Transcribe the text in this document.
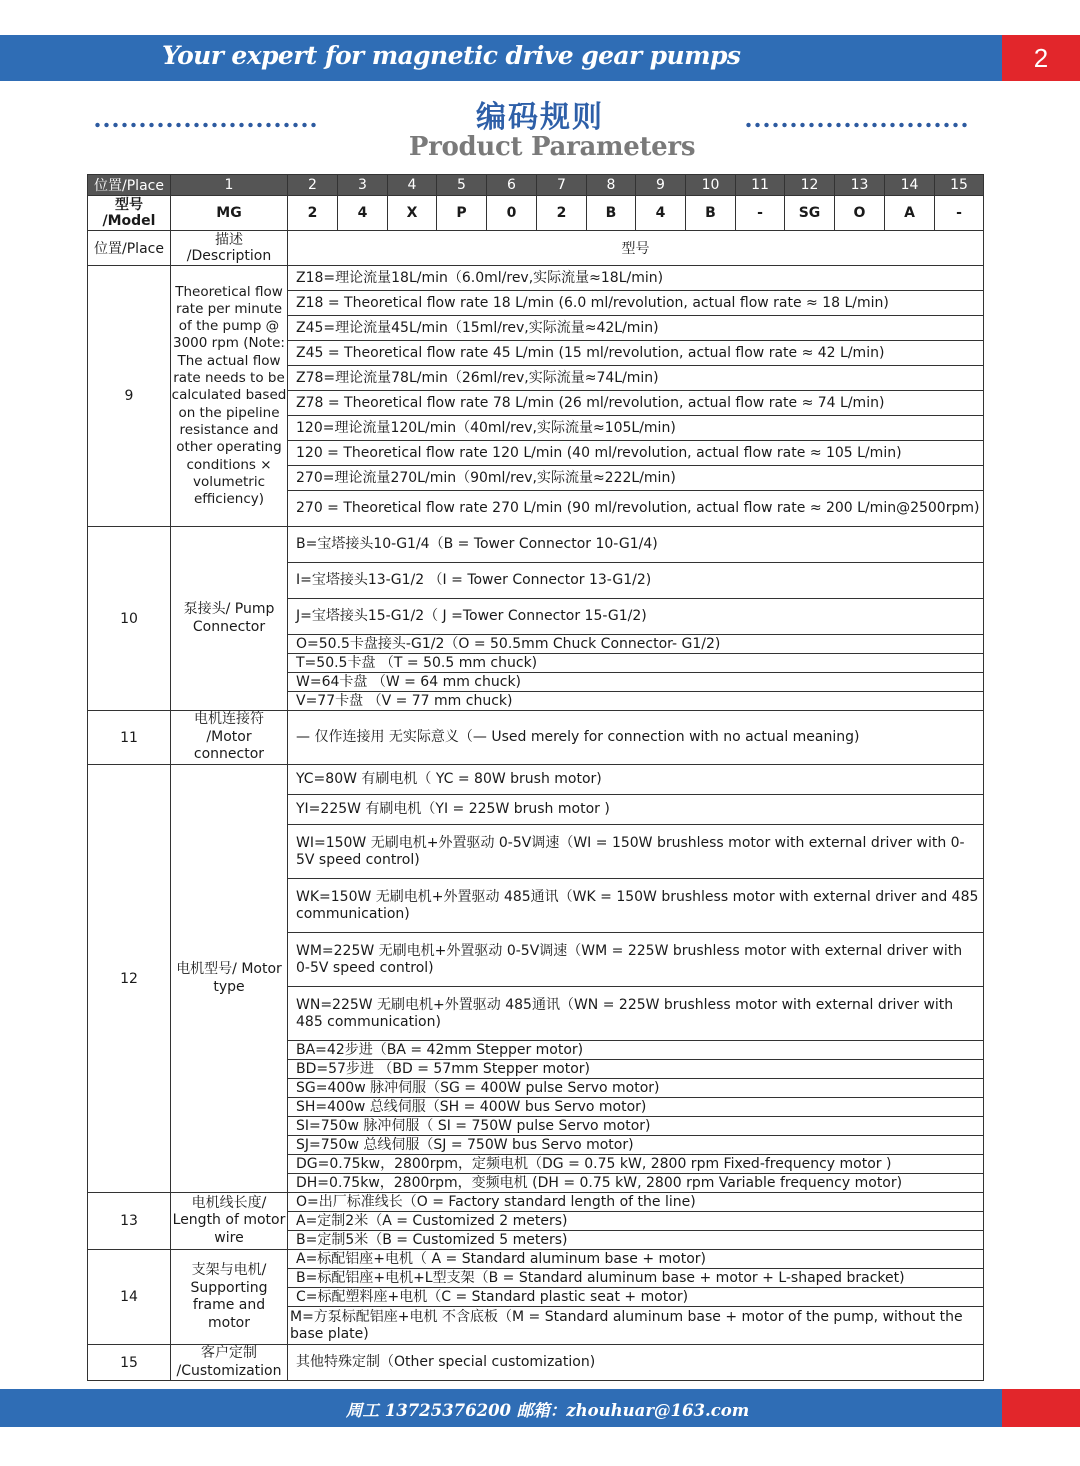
Your expert for magnetic drive gear pumps	2
编码规则
Product Parameters
位置/Place	1	2	3	4	5	6	7	8	9	10	11	12	13	14	15
型号
/Model	MG	2	4	X	P	0	2	B	4	B	-	SG	O	A	-
位置/Place	描述
/Description	型号													
9	Theoretical flow rate per minute of the pump @ 3000 rpm (Note: The actual flow rate needs to be calculated based on the pipeline resistance and other operating conditions × volumetric efficiency)	Z18=理论流量18L/min（6.0ml/rev,实际流量≈18L/min)													
		Z18 = Theoretical flow rate 18 L/min (6.0 ml/revolution, actual flow rate ≈ 18 L/min)													
		Z45=理论流量45L/min（15ml/rev,实际流量≈42L/min)													
		Z45 = Theoretical flow rate 45 L/min (15 ml/revolution, actual flow rate ≈ 42 L/min)													
		Z78=理论流量78L/min（26ml/rev,实际流量≈74L/min)													
		Z78 = Theoretical flow rate 78 L/min (26 ml/revolution, actual flow rate ≈ 74 L/min)													
		120=理论流量120L/min（40ml/rev,实际流量≈105L/min)													
		120 = Theoretical flow rate 120 L/min (40 ml/revolution, actual flow rate ≈ 105 L/min)													
		270=理论流量270L/min（90ml/rev,实际流量≈222L/min)													
		270 = Theoretical flow rate 270 L/min (90 ml/revolution, actual flow rate ≈ 200 L/min@2500rpm)													
10	泵接头/ Pump Connector	B=宝塔接头10-G1/4（B = Tower Connector 10-G1/4)													
		I=宝塔接头13-G1/2 （I = Tower Connector 13-G1/2)													
		J=宝塔接头15-G1/2（ J =Tower Connector 15-G1/2)													
		O=50.5卡盘接头-G1/2（O = 50.5mm Chuck Connector- G1/2)													
		T=50.5卡盘 （T = 50.5 mm chuck)													
		W=64卡盘 （W = 64 mm chuck)													
		V=77卡盘 （V = 77 mm chuck)													
11	电机连接符 /Motor connector	— 仅作连接用 无实际意义（— Used merely for connection with no actual meaning)													
12	电机型号/ Motor type	YC=80W 有刷电机（ YC = 80W brush motor)													
		YI=225W 有刷电机（YI = 225W brush motor )													
		WI=150W 无刷电机+外置驱动 0-5V调速（WI = 150W brushless motor with external driver with 0-5V speed control)													
		WK=150W 无刷电机+外置驱动 485通讯（WK = 150W brushless motor with external driver and 485 communication)													
		WM=225W 无刷电机+外置驱动 0-5V调速（WM = 225W brushless motor with external driver with 0-5V speed control)													
		WN=225W 无刷电机+外置驱动 485通讯（WN = 225W brushless motor with external driver with 485 communication)													
		BA=42步进（BA = 42mm Stepper motor)													
		BD=57步进 （BD = 57mm Stepper motor)													
		SG=400w 脉冲伺服（SG = 400W pulse Servo motor)													
		SH=400w 总线伺服（SH = 400W bus Servo motor)													
		SI=750w 脉冲伺服（ SI = 750W pulse Servo motor)													
		SJ=750w 总线伺服（SJ = 750W bus Servo motor)													
		DG=0.75kw，2800rpm，定频电机（DG = 0.75 kW, 2800 rpm Fixed-frequency motor )													
		DH=0.75kw，2800rpm，变频电机 (DH = 0.75 kW, 2800 rpm Variable frequency motor)													
13	电机线长度/ Length of motor wire	O=出厂标准线长（O = Factory standard length of the line)													
		A=定制2米（A = Customized 2 meters)													
		B=定制5米（B = Customized 5 meters)													
14	支架与电机/ Supporting frame and motor	A=标配铝座+电机（ A = Standard aluminum base + motor)													
		B=标配铝座+电机+L型支架（B = Standard aluminum base + motor + L-shaped bracket)													
		C=标配塑料座+电机（C = Standard plastic seat + motor)													
		M=方泵标配铝座+电机 不含底板（M = Standard aluminum base + motor of the pump, without the base plate)													
15	客户定制 /Customization	其他特殊定制（Other special customization)													
周工 13725376200 邮箱：zhouhuar@163.com
